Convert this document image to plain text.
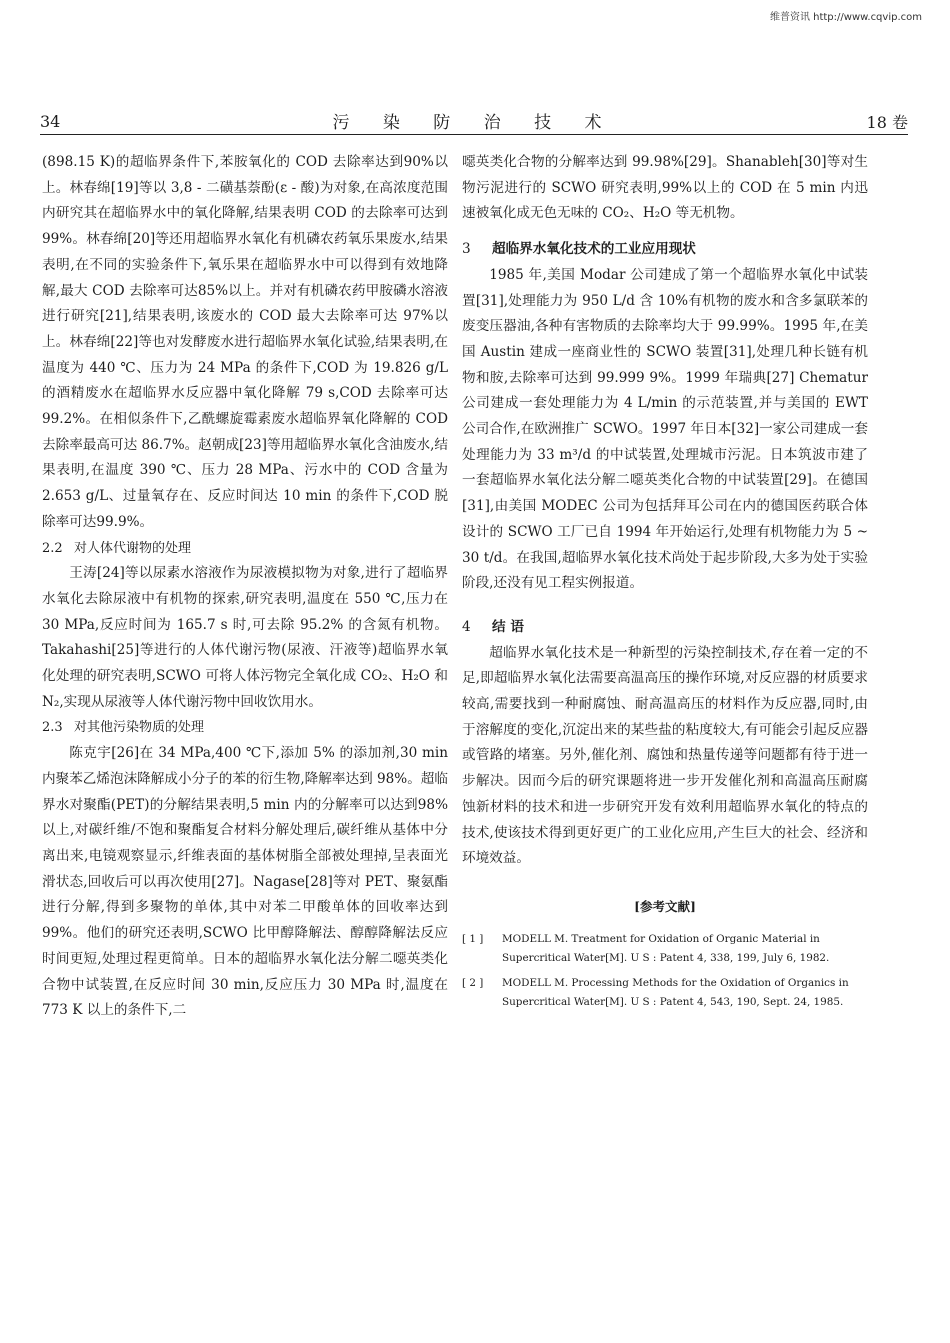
维普资讯 http://www.cqvip.com
34	污 染 防 治 技 术	18 卷

(898.15 K)的超临界条件下,苯胺氧化的 COD 去除率达到90%以上。林春绵[19]等以 3,8 - 二磺基萘酚(ε - 酸)为对象,在高浓度范围内研究其在超临界水中的氧化降解,结果表明 COD 的去除率可达到99%。林春绵[20]等还用超临界水氧化有机磷农药氧乐果废水,结果表明,在不同的实验条件下,氧乐果在超临界水中可以得到有效地降解,最大 COD 去除率可达85%以上。并对有机磷农药甲胺磷水溶液进行研究[21],结果表明,该废水的 COD 最大去除率可达 97%以上。林春绵[22]等也对发酵废水进行超临界水氧化试验,结果表明,在温度为 440 ℃、压力为 24 MPa 的条件下,COD 为 19.826 g/L 的酒精废水在超临界水反应器中氧化降解 79 s,COD 去除率可达 99.2%。在相似条件下,乙酰螺旋霉素废水超临界氧化降解的 COD 去除率最高可达 86.7%。赵朝成[23]等用超临界水氧化含油废水,结果表明,在温度 390 ℃、压力 28 MPa、污水中的 COD 含量为 2.653 g/L、过量氧存在、反应时间达 10 min 的条件下,COD 脱除率可达99.9%。

2.2 对人体代谢物的处理

王涛[24]等以尿素水溶液作为尿液模拟物为对象,进行了超临界水氧化去除尿液中有机物的探索,研究表明,温度在 550 ℃,压力在 30 MPa,反应时间为 165.7 s 时,可去除 95.2% 的含氮有机物。Takahashi[25]等进行的人体代谢污物(尿液、汗液等)超临界水氧化处理的研究表明,SCWO 可将人体污物完全氧化成 CO₂、H₂O 和 N₂,实现从尿液等人体代谢污物中回收饮用水。

2.3 对其他污染物质的处理

陈克宇[26]在 34 MPa,400 ℃下,添加 5% 的添加剂,30 min 内聚苯乙烯泡沫降解成小分子的苯的衍生物,降解率达到 98%。超临界水对聚酯(PET)的分解结果表明,5 min 内的分解率可以达到98%以上,对碳纤维/不饱和聚酯复合材料分解处理后,碳纤维从基体中分离出来,电镜观察显示,纤维表面的基体树脂全部被处理掉,呈表面光滑状态,回收后可以再次使用[27]。Nagase[28]等对 PET、聚氨酯进行分解,得到多聚物的单体,其中对苯二甲酸单体的回收率达到 99%。他们的研究还表明,SCWO 比甲醇降解法、醇醇降解法反应时间更短,处理过程更简单。日本的超临界水氧化法分解二噁英类化合物中试装置,在反应时间 30 min,反应压力 30 MPa 时,温度在 773 K 以上的条件下,二

噁英类化合物的分解率达到 99.98%[29]。Shanableh[30]等对生物污泥进行的 SCWO 研究表明,99%以上的 COD 在 5 min 内迅速被氧化成无色无味的 CO₂、H₂O 等无机物。

3 超临界水氧化技术的工业应用现状

1985 年,美国 Modar 公司建成了第一个超临界水氧化中试装置[31],处理能力为 950 L/d 含 10%有机物的废水和含多氯联苯的废变压器油,各种有害物质的去除率均大于 99.99%。1995 年,在美国 Austin 建成一座商业性的 SCWO 装置[31],处理几种长链有机物和胺,去除率可达到 99.999 9%。1999 年瑞典[27] Chematur 公司建成一套处理能力为 4 L/min 的示范装置,并与美国的 EWT 公司合作,在欧洲推广 SCWO。1997 年日本[32]一家公司建成一套处理能力为 33 m³/d 的中试装置,处理城市污泥。日本筑波市建了一套超临界水氧化法分解二噁英类化合物的中试装置[29]。在德国[31],由美国 MODEC 公司为包括拜耳公司在内的德国医药联合体设计的 SCWO 工厂已自 1994 年开始运行,处理有机物能力为 5 ~ 30 t/d。在我国,超临界水氧化技术尚处于起步阶段,大多为处于实验阶段,还没有见工程实例报道。

4 结 语

超临界水氧化技术是一种新型的污染控制技术,存在着一定的不足,即超临界水氧化法需要高温高压的操作环境,对反应器的材质要求较高,需要找到一种耐腐蚀、耐高温高压的材料作为反应器,同时,由于溶解度的变化,沉淀出来的某些盐的粘度较大,有可能会引起反应器或管路的堵塞。另外,催化剂、腐蚀和热量传递等问题都有待于进一步解决。因而今后的研究课题将进一步开发催化剂和高温高压耐腐蚀新材料的技术和进一步研究开发有效利用超临界水氧化的特点的技术,使该技术得到更好更广的工业化应用,产生巨大的社会、经济和环境效益。

[参考文献]
[ 1 ]	MODELL M. Treatment for Oxidation of Organic Material in Supercritical Water[M]. U S : Patent 4, 338, 199, July 6, 1982.
[ 2 ]	MODELL M. Processing Methods for the Oxidation of Organics in Supercritical Water[M]. U S : Patent 4, 543, 190, Sept. 24, 1985.
